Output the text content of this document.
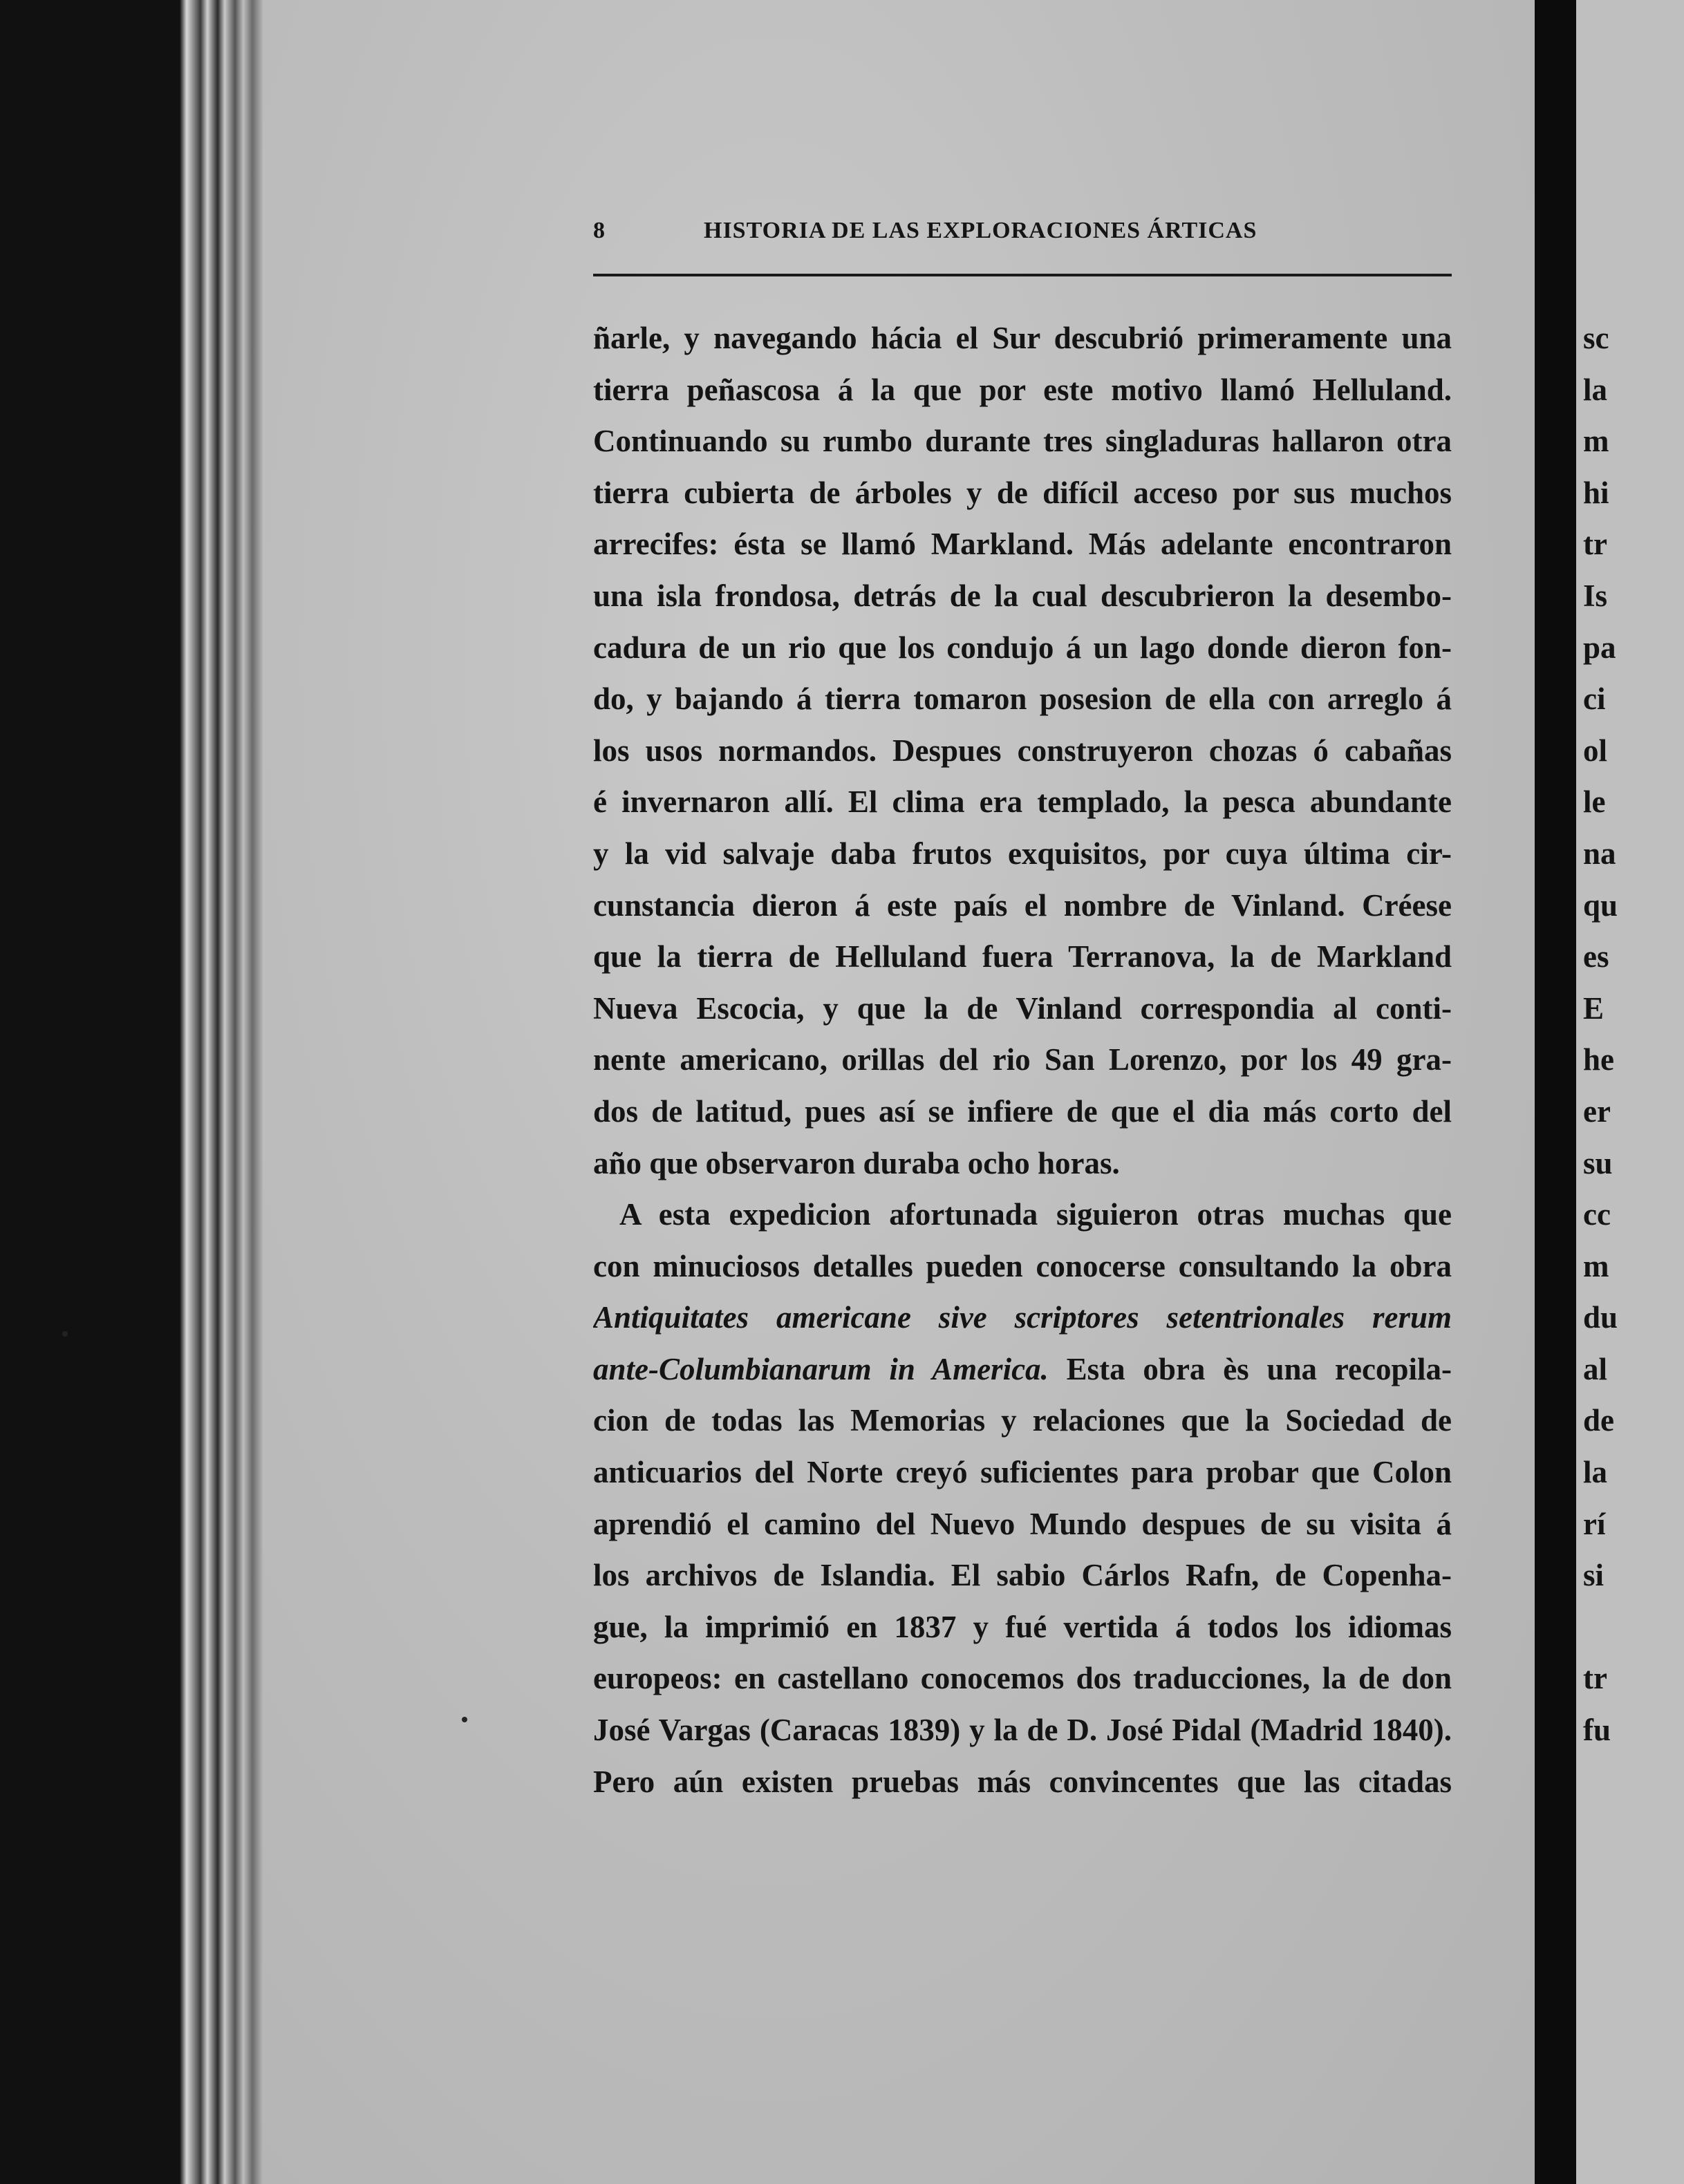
8	HISTORIA DE LAS EXPLORACIONES ÁRTICAS
ñarle, y navegando hácia el Sur descubrió primeramente una
tierra peñascosa á la que por este motivo llamó Helluland.
Continuando su rumbo durante tres singladuras hallaron otra
tierra cubierta de árboles y de difícil acceso por sus muchos
arrecifes: ésta se llamó Markland. Más adelante encontraron
una isla frondosa, detrás de la cual descubrieron la desembo-
cadura de un rio que los condujo á un lago donde dieron fon-
do, y bajando á tierra tomaron posesion de ella con arreglo á
los usos normandos. Despues construyeron chozas ó cabañas
é invernaron allí. El clima era templado, la pesca abundante
y la vid salvaje daba frutos exquisitos, por cuya última cir-
cunstancia dieron á este país el nombre de Vinland. Créese
que la tierra de Helluland fuera Terranova, la de Markland
Nueva Escocia, y que la de Vinland correspondia al conti-
nente americano, orillas del rio San Lorenzo, por los 49 gra-
dos de latitud, pues así se infiere de que el dia más corto del
año que observaron duraba ocho horas.
A esta expedicion afortunada siguieron otras muchas que
con minuciosos detalles pueden conocerse consultando la obra
Antiquitates americane sive scriptores setentrionales rerum
ante-Columbianarum in America. Esta obra ès una recopila-
cion de todas las Memorias y relaciones que la Sociedad de
anticuarios del Norte creyó suficientes para probar que Colon
aprendió el camino del Nuevo Mundo despues de su visita á
los archivos de Islandia. El sabio Cárlos Rafn, de Copenha-
gue, la imprimió en 1837 y fué vertida á todos los idiomas
europeos: en castellano conocemos dos traducciones, la de don
José Vargas (Caracas 1839) y la de D. José Pidal (Madrid 1840).
Pero aún existen pruebas más convincentes que las citadas
sc
la
m
hi
tr
Is
pa
ci
ol
le
na
qu
es
E
he
er
su
cc
m
du
al
de
la
rí
si
tr
fu
